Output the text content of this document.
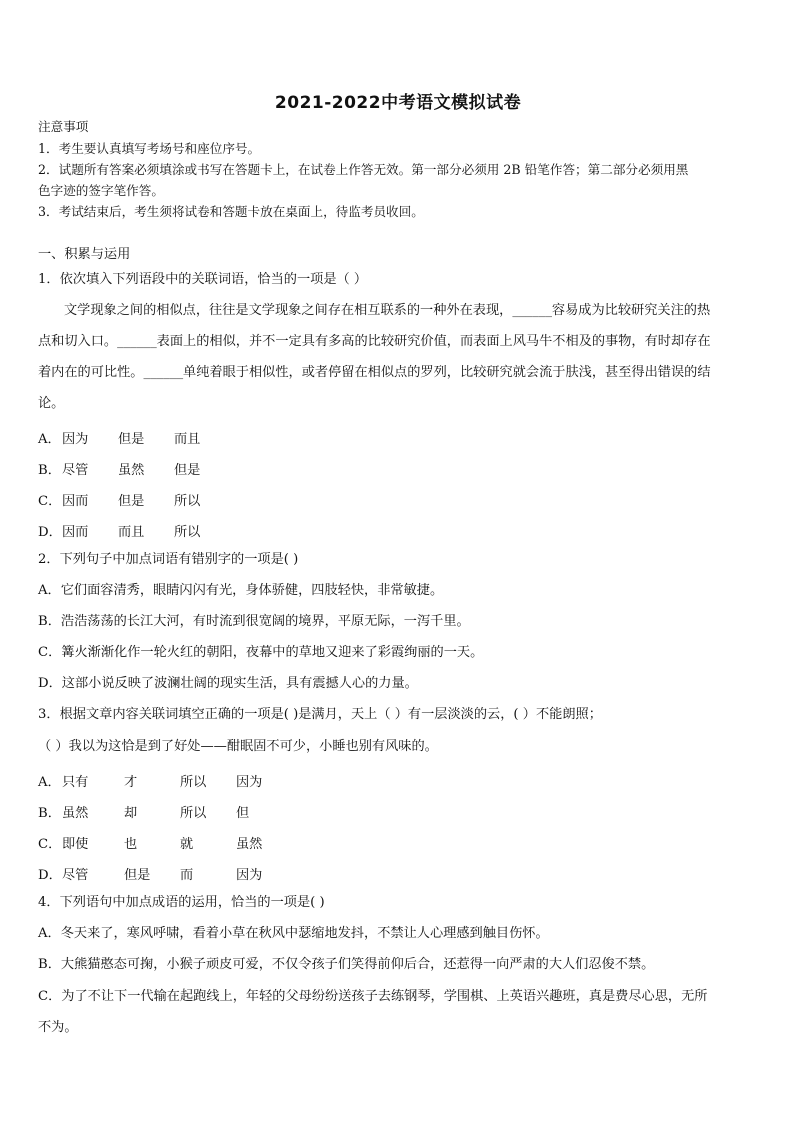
2021-2022中考语文模拟试卷
注意事项
1．考生要认真填写考场号和座位序号。
2．试题所有答案必须填涂或书写在答题卡上，在试卷上作答无效。第一部分必须用 2B 铅笔作答；第二部分必须用黑
色字迹的签字笔作答。
3．考试结束后，考生须将试卷和答题卡放在桌面上，待监考员收回。
一、积累与运用
1．依次填入下列语段中的关联词语，恰当的一项是（ ）
文学现象之间的相似点，往往是文学现象之间存在相互联系的一种外在表现，______容易成为比较研究关注的热
点和切入口。______表面上的相似，并不一定具有多高的比较研究价值，而表面上风马牛不相及的事物，有时却存在
着内在的可比性。______单纯着眼于相似性，或者停留在相似点的罗列，比较研究就会流于肤浅，甚至得出错误的结
论。
A．因为 但是 而且
B．尽管 虽然 但是
C．因而 但是 所以
D．因而 而且 所以
2．下列句子中加点词语有错别字的一项是( )
A．它们面容清秀，眼睛闪闪有光，身体骄健，四肢轻快，非常敏捷。
B．浩浩荡荡的长江大河，有时流到很宽阔的境界，平原无际，一泻千里。
C．篝火渐渐化作一轮火红的朝阳，夜幕中的草地又迎来了彩霞绚丽的一天。
D．这部小说反映了波澜壮阔的现实生活，具有震撼人心的力量。
3．根据文章内容关联词填空正确的一项是( )是满月，天上（ ）有一层淡淡的云，( ）不能朗照；
（ ）我以为这恰是到了好处——酣眠固不可少，小睡也别有风味的。
A．只有	才	所以 因为
B．虽然	却	所以 但
C．即使	也	就	虽然
D．尽管	但是 而	因为
4．下列语句中加点成语的运用，恰当的一项是( )
A．冬天来了，寒风呼啸，看着小草在秋风中瑟缩地发抖，不禁让人心理感到触目伤怀。
B．大熊猫憨态可掬，小猴子顽皮可爱，不仅令孩子们笑得前仰后合，还惹得一向严肃的大人们忍俊不禁。
C．为了不让下一代输在起跑线上，年轻的父母纷纷送孩子去练钢琴，学围棋、上英语兴趣班，真是费尽心思，无所
不为。
